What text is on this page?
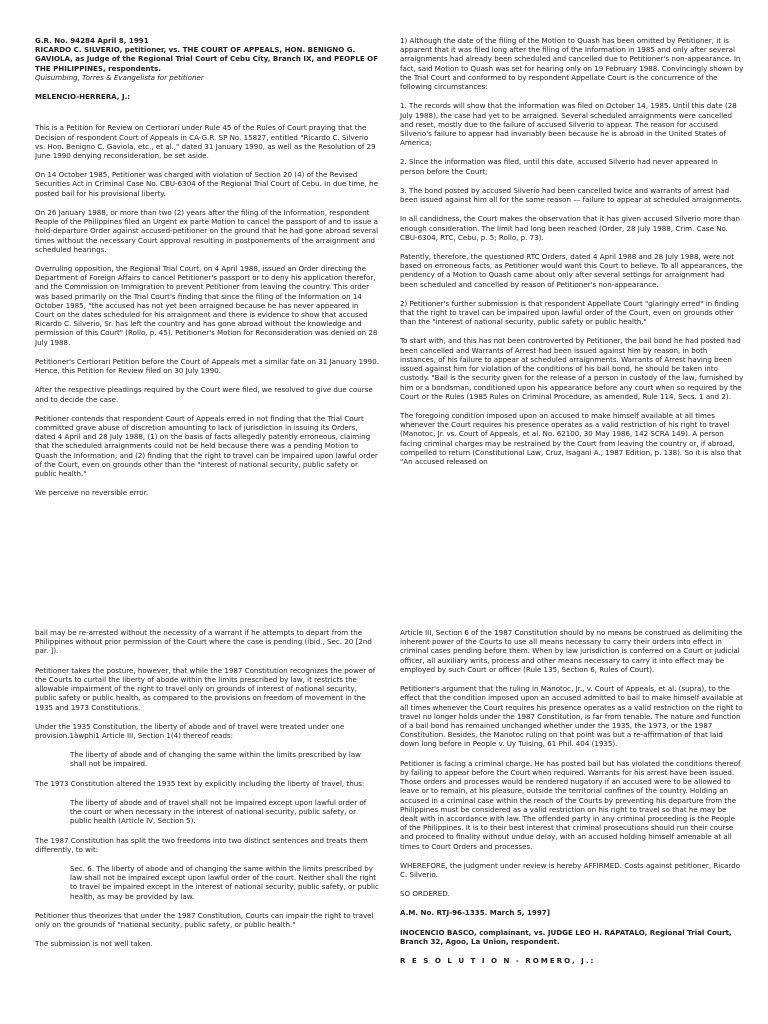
G.R. No. 94284 April 8, 1991

RICARDO C. SILVERIO, petitioner, vs. THE COURT OF APPEALS, HON. BENIGNO G. GAVIOLA, as Judge of the Regional Trial Court of Cebu City, Branch IX, and PEOPLE OF THE PHILIPPINES, respondents.

Quisumbing, Torres & Evangelista for petitioner

MELENCIO-HERRERA, J.:

This is a Petition for Review on Certiorari under Rule 45 of the Rules of Court praying that the Decision of respondent Court of Appeals in CA-G.R. SP No. 15827, entitled "Ricardo C. Silverio vs. Hon. Benigno C. Gaviola, etc., et al.," dated 31 January 1990, as well as the Resolution of 29 June 1990 denying reconsideration, be set aside.

On 14 October 1985, Petitioner was charged with violation of Section 20 (4) of the Revised Securities Act in Criminal Case No. CBU-6304 of the Regional Trial Court of Cebu. In due time, he posted bail for his provisional liberty.

On 26 January 1988, or more than two (2) years after the filing of the Information, respondent People of the Philippines filed an Urgent ex parte Motion to cancel the passport of and to issue a hold-departure Order against accused-petitioner on the ground that he had gone abroad several times without the necessary Court approval resulting in postponements of the arraignment and scheduled hearings.

Overruling opposition, the Regional Trial Court, on 4 April 1988, issued an Order directing the Department of Foreign Affairs to cancel Petitioner's passport or to deny his application therefor, and the Commission on Immigration to prevent Petitioner from leaving the country. This order was based primarily on the Trial Court's finding that since the filing of the Information on 14 October 1985, "the accused has not yet been arraigned because he has never appeared in Court on the dates scheduled for his arraignment and there is evidence to show that accused Ricardo C. Silverio, Sr. has left the country and has gone abroad without the knowledge and permission of this Court" (Rollo, p. 45). Petitioner's Motion for Reconsideration was denied on 28 July 1988.

Petitioner's Certiorari Petition before the Court of Appeals met a similar fate on 31 January 1990. Hence, this Petition for Review filed on 30 July 1990.

After the respective pleadings required by the Court were filed, we resolved to give due course and to decide the case.

Petitioner contends that respondent Court of Appeals erred in not finding that the Trial Court committed grave abuse of discretion amounting to lack of jurisdiction in issuing its Orders, dated 4 April and 28 July 1988, (1) on the basis of facts allegedly patently erroneous, claiming that the scheduled arraignments could not be held because there was a pending Motion to Quash the Information; and (2) finding that the right to travel can be impaired upon lawful order of the Court, even on grounds other than the "interest of national security, public safety or public health."

We perceive no reversible error.

1) Although the date of the filing of the Motion to Quash has been omitted by Petitioner, it is apparent that it was filed long after the filing of the Information in 1985 and only after several arraignments had already been scheduled and cancelled due to Petitioner's non-appearance. In fact, said Motion to Quash was set for hearing only on 19 February 1988. Convincingly shown by the Trial Court and conformed to by respondent Appellate Court is the concurrence of the following circumstances:

1. The records will show that the information was filed on October 14, 1985. Until this date (28 July 1988), the case had yet to be arraigned. Several scheduled arraignments were cancelled and reset, mostly due to the failure of accused Silverio to appear. The reason for accused Silverio's failure to appear had invariably been because he is abroad in the United States of America;

2. Since the information was filed, until this date, accused Silverio had never appeared in person before the Court;

3. The bond posted by accused Silverio had been cancelled twice and warrants of arrest had been issued against him all for the same reason –– failure to appear at scheduled arraignments.

In all candidness, the Court makes the observation that it has given accused Silverio more than enough consideration. The limit had long been reached (Order, 28 July 1988, Crim. Case No. CBU-6304, RTC, Cebu, p. 5; Rollo, p. 73).

Patently, therefore, the questioned RTC Orders, dated 4 April 1988 and 28 July 1988, were not based on erroneous facts, as Petitioner would want this Court to believe. To all appearances, the pendency of a Motion to Quash came about only after several settings for arraignment had been scheduled and cancelled by reason of Petitioner's non-appearance.

2) Petitioner's further submission is that respondent Appellate Court "glaringly erred" in finding that the right to travel can be impaired upon lawful order of the Court, even on grounds other than the "interest of national security, public safety or public health."

To start with, and this has not been controverted by Petitioner, the bail bond he had posted had been cancelled and Warrants of Arrest had been issued against him by reason, in both instances, of his failure to appear at scheduled arraignments. Warrants of Arrest having been issued against him for violation of the conditions of his bail bond, he should be taken into custody. "Bail is the security given for the release of a person in custody of the law, furnished by him or a bondsman, conditioned upon his appearance before any court when so required by the Court or the Rules (1985 Rules on Criminal Procedure, as amended, Rule 114, Secs. 1 and 2).

The foregoing condition imposed upon an accused to make himself available at all times whenever the Court requires his presence operates as a valid restriction of his right to travel (Manotoc, Jr. vs. Court of Appeals, et al. No. 62100, 30 May 1986, 142 SCRA 149). A person facing criminal charges may be restrained by the Court from leaving the country or, if abroad, compelled to return (Constitutional Law, Cruz, Isagani A., 1987 Edition, p. 138). So it is also that "An accused released on

bail may be re-arrested without the necessity of a warrant if he attempts to depart from the Philippines without prior permission of the Court where the case is pending (ibid., Sec. 20 [2nd par. ]).

Petitioner takes the posture, however, that while the 1987 Constitution recognizes the power of the Courts to curtail the liberty of abode within the limits prescribed by law, it restricts the allowable impairment of the right to travel only on grounds of interest of national security, public safety or public health, as compared to the provisions on freedom of movement in the 1935 and 1973 Constitutions.

Under the 1935 Constitution, the liberty of abode and of travel were treated under one provision.1àwphi1 Article III, Section 1(4) thereof reads:

The liberty of abode and of changing the same within the limits prescribed by law shall not be impaired.

The 1973 Constitution altered the 1935 text by explicitly including the liberty of travel, thus:

The liberty of abode and of travel shall not be impaired except upon lawful order of the court or when necessary in the interest of national security, public safety, or public health (Article IV, Section 5).

The 1987 Constitution has split the two freedoms into two distinct sentences and treats them differently, to wit:

Sec. 6. The liberty of abode and of changing the same within the limits prescribed by law shall not be impaired except upon lawful order of the court. Neither shall the right to travel be impaired except in the interest of national security, public safety, or public health, as may be provided by law.

Petitioner thus theorizes that under the 1987 Constitution, Courts can impair the right to travel only on the grounds of "national security, public safety, or public health."

The submission is not well taken.

Article III, Section 6 of the 1987 Constitution should by no means be construed as delimiting the inherent power of the Courts to use all means necessary to carry their orders into effect in criminal cases pending before them. When by law jurisdiction is conferred on a Court or judicial officer, all auxiliary writs, process and other means necessary to carry it into effect may be employed by such Court or officer (Rule 135, Section 6, Rules of Court).

Petitioner's argument that the ruling in Manotoc, Jr., v. Court of Appeals, et al. (supra), to the effect that the condition imposed upon an accused admitted to bail to make himself available at all times whenever the Court requires his presence operates as a valid restriction on the right to travel no longer holds under the 1987 Constitution, is far from tenable. The nature and function of a bail bond has remained unchanged whether under the 1935, the 1973, or the 1987 Constitution. Besides, the Manotoc ruling on that point was but a re-affirmation of that laid down long before in People v. Uy Tuising, 61 Phil. 404 (1935).

Petitioner is facing a criminal charge. He has posted bail but has violated the conditions thereof by failing to appear before the Court when required. Warrants for his arrest have been issued. Those orders and processes would be rendered nugatory if an accused were to be allowed to leave or to remain, at his pleasure, outside the territorial confines of the country. Holding an accused in a criminal case within the reach of the Courts by preventing his departure from the Philippines must be considered as a valid restriction on his right to travel so that he may be dealt with in accordance with law. The offended party in any criminal proceeding is the People of the Philippines. It is to their best interest that criminal prosecutions should run their course and proceed to finality without undue delay, with an accused holding himself amenable at all times to Court Orders and processes.

WHEREFORE, the judgment under review is hereby AFFIRMED. Costs against petitioner, Ricardo C. Silverio.

SO ORDERED.

A.M. No. RTJ-96-1335. March 5, 1997]

INOCENCIO BASCO, complainant, vs. JUDGE LEO H. RAPATALO, Regional Trial Court, Branch 32, Agoo, La Union, respondent.

R E S O L U T I O N - ROMERO, J.:
